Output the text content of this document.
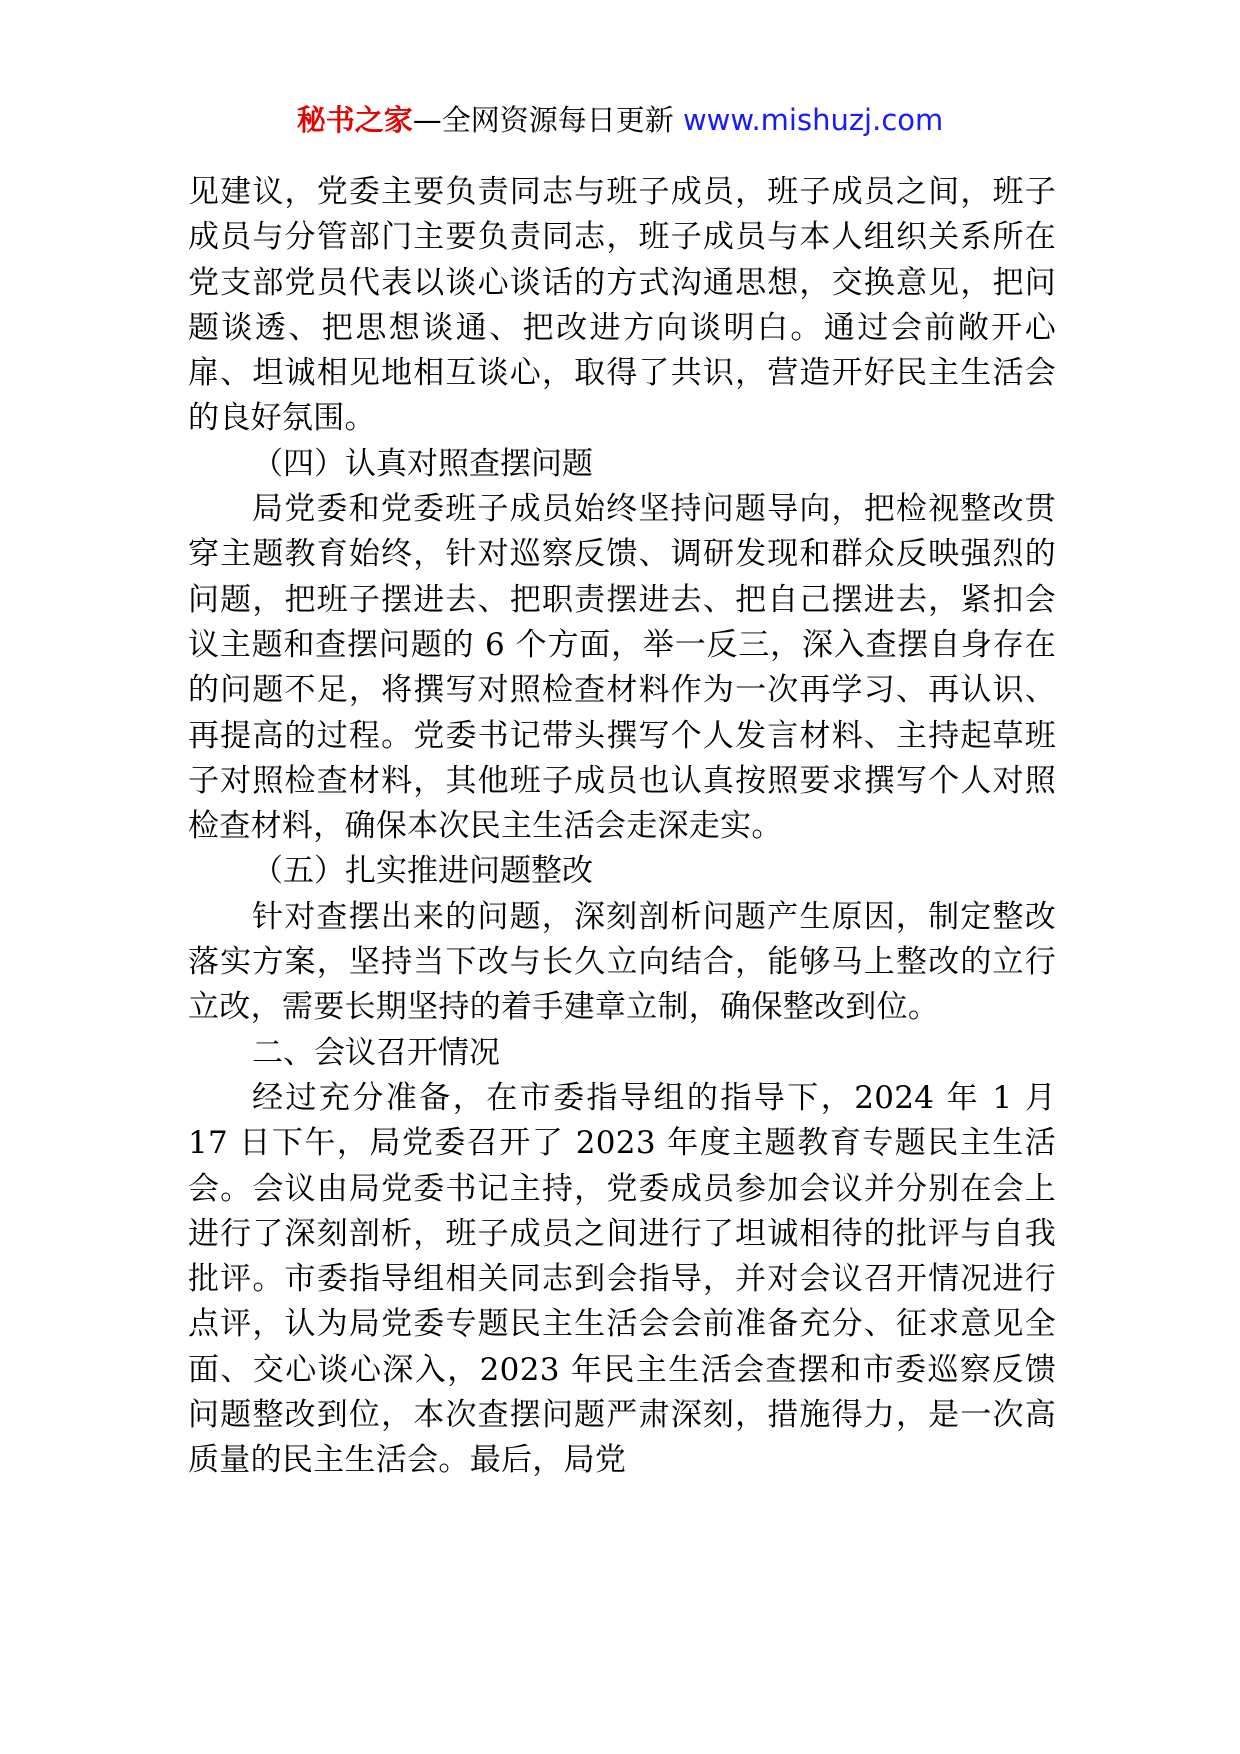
秘书之家—全网资源每日更新 www.mishuzj.com

见建议，党委主要负责同志与班子成员，班子成员之间，班子成员与分管部门主要负责同志，班子成员与本人组织关系所在党支部党员代表以谈心谈话的方式沟通思想，交换意见，把问题谈透、把思想谈通、把改进方向谈明白。通过会前敞开心扉、坦诚相见地相互谈心，取得了共识，营造开好民主生活会的良好氛围。

（四）认真对照查摆问题

局党委和党委班子成员始终坚持问题导向，把检视整改贯穿主题教育始终，针对巡察反馈、调研发现和群众反映强烈的问题，把班子摆进去、把职责摆进去、把自己摆进去，紧扣会议主题和查摆问题的 6 个方面，举一反三，深入查摆自身存在的问题不足，将撰写对照检查材料作为一次再学习、再认识、再提高的过程。党委书记带头撰写个人发言材料、主持起草班子对照检查材料，其他班子成员也认真按照要求撰写个人对照检查材料，确保本次民主生活会走深走实。

（五）扎实推进问题整改

针对查摆出来的问题，深刻剖析问题产生原因，制定整改落实方案，坚持当下改与长久立向结合，能够马上整改的立行立改，需要长期坚持的着手建章立制，确保整改到位。

二、会议召开情况

经过充分准备，在市委指导组的指导下，2024 年 1 月 17 日下午，局党委召开了 2023 年度主题教育专题民主生活会。会议由局党委书记主持，党委成员参加会议并分别在会上进行了深刻剖析，班子成员之间进行了坦诚相待的批评与自我批评。市委指导组相关同志到会指导，并对会议召开情况进行点评，认为局党委专题民主生活会会前准备充分、征求意见全面、交心谈心深入，2023 年民主生活会查摆和市委巡察反馈问题整改到位，本次查摆问题严肃深刻，措施得力，是一次高质量的民主生活会。最后，局党
